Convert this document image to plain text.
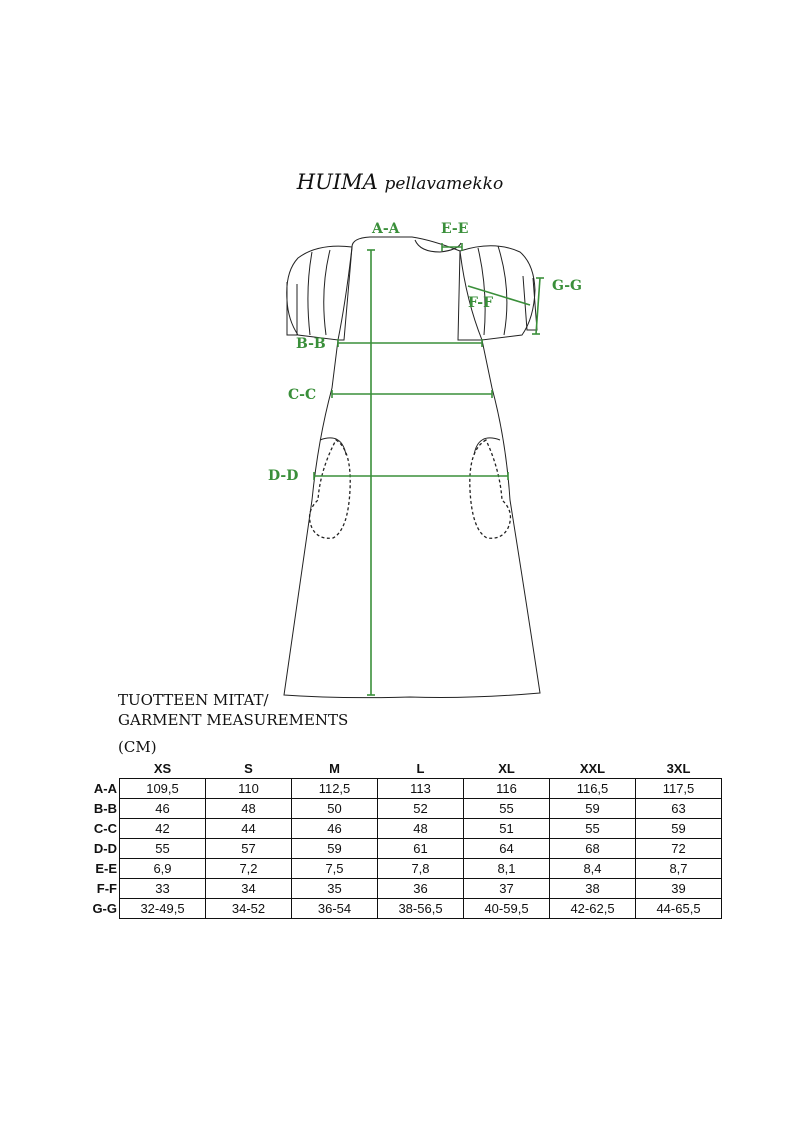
HUIMA pellavamekko
A-A	E-E
G-G
F-F
B-B
C-C
D-D
TUOTTEEN MITAT/
GARMENT MEASUREMENTS
(CM)
	XS	S	M	L	XL	XXL	3XL
A-A	109,5	110	112,5	113	116	116,5	117,5
B-B	46	48	50	52	55	59	63
C-C	42	44	46	48	51	55	59
D-D	55	57	59	61	64	68	72
E-E	6,9	7,2	7,5	7,8	8,1	8,4	8,7
F-F	33	34	35	36	37	38	39
G-G	32-49,5	34-52	36-54	38-56,5	40-59,5	42-62,5	44-65,5
